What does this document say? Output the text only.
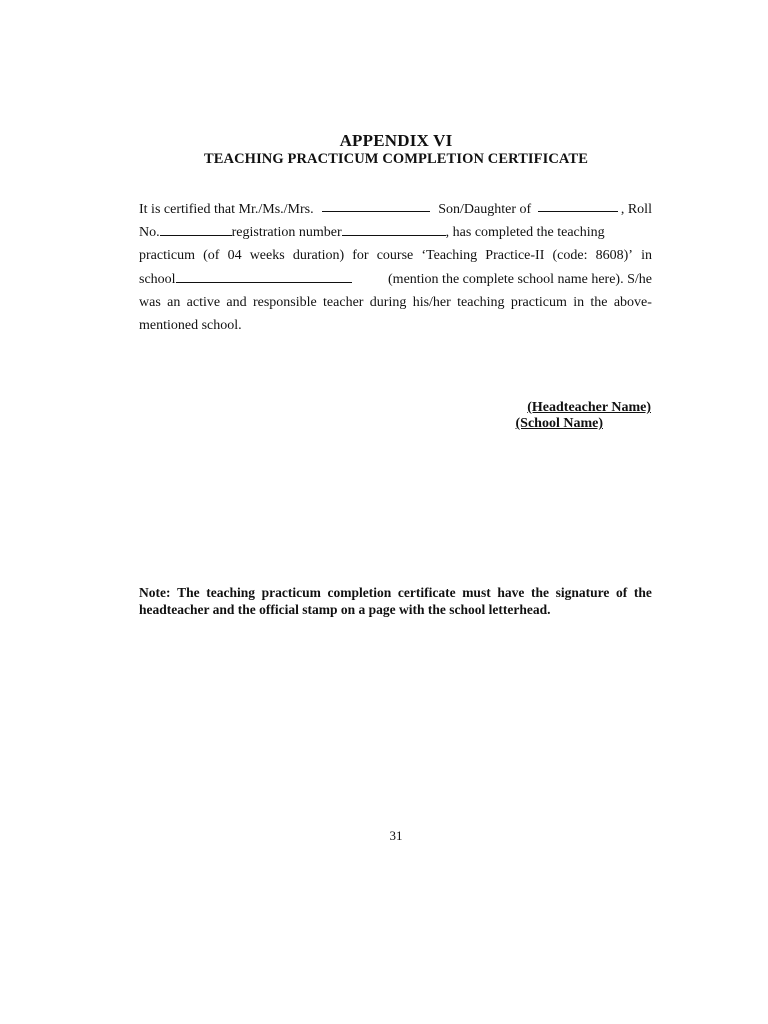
APPENDIX VI
TEACHING PRACTICUM COMPLETION CERTIFICATE
It is certified that Mr./Ms./Mrs.	Son/Daughter of	, Roll
No.	registration number	, has completed the teaching
practicum (of 04 weeks duration) for course ‘Teaching Practice-II (code: 8608)’ in
school	(mention the complete school name here). S/he
was an active and responsible teacher during his/her teaching practicum in the above-
mentioned school.
(Headteacher Name)
(School Name)
Note: The teaching practicum completion certificate must have the signature of the
headteacher and the official stamp on a page with the school letterhead.
31
